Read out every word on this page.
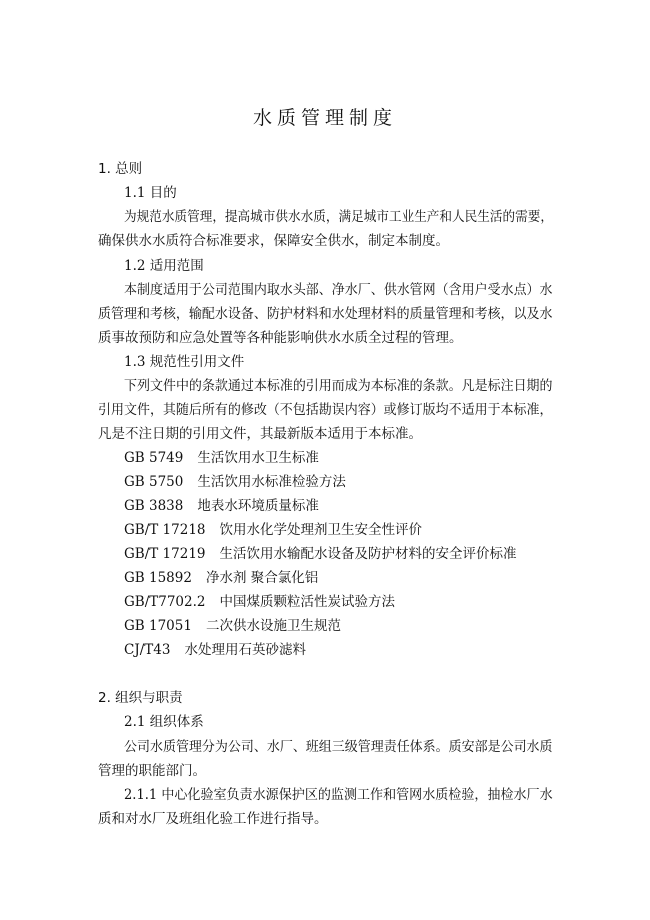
水质管理制度
1. 总则
1.1 目的
为规范水质管理，提高城市供水水质，满足城市工业生产和人民生活的需要，
确保供水水质符合标准要求，保障安全供水，制定本制度。
1.2 适用范围
本制度适用于公司范围内取水头部、净水厂、供水管网（含用户受水点）水
质管理和考核，输配水设备、防护材料和水处理材料的质量管理和考核，以及水
质事故预防和应急处置等各种能影响供水水质全过程的管理。
1.3 规范性引用文件
下列文件中的条款通过本标准的引用而成为本标准的条款。凡是标注日期的
引用文件，其随后所有的修改（不包括勘误内容）或修订版均不适用于本标准，
凡是不注日期的引用文件，其最新版本适用于本标准。
GB 5749 生活饮用水卫生标准
GB 5750 生活饮用水标准检验方法
GB 3838 地表水环境质量标准
GB/T 17218 饮用水化学处理剂卫生安全性评价
GB/T 17219 生活饮用水输配水设备及防护材料的安全评价标准
GB 15892 净水剂 聚合氯化铝
GB/T7702.2 中国煤质颗粒活性炭试验方法
GB 17051 二次供水设施卫生规范
CJ/T43 水处理用石英砂滤料
2. 组织与职责
2.1 组织体系
公司水质管理分为公司、水厂、班组三级管理责任体系。质安部是公司水质
管理的职能部门。
2.1.1 中心化验室负责水源保护区的监测工作和管网水质检验，抽检水厂水
质和对水厂及班组化验工作进行指导。
